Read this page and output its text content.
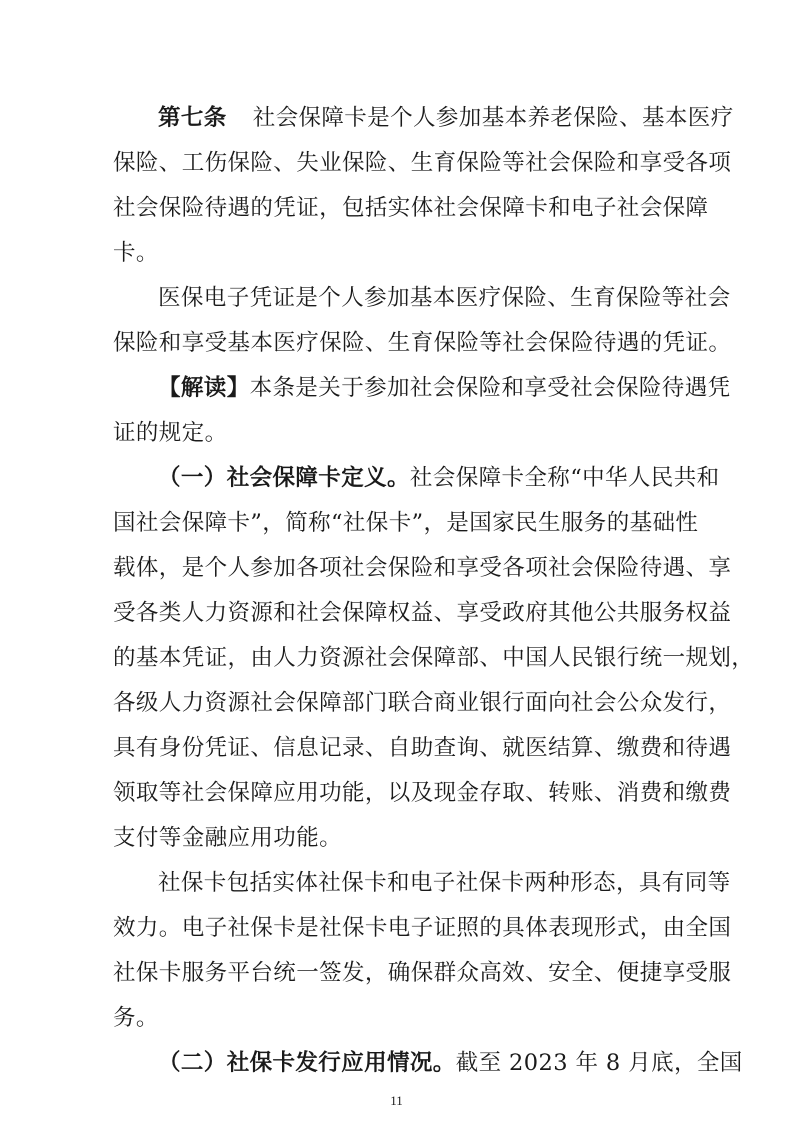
第七条 社会保障卡是个人参加基本养老保险、基本医疗
保险、工伤保险、失业保险、生育保险等社会保险和享受各项
社会保险待遇的凭证，包括实体社会保障卡和电子社会保障
卡。
医保电子凭证是个人参加基本医疗保险、生育保险等社会
保险和享受基本医疗保险、生育保险等社会保险待遇的凭证。
【解读】本条是关于参加社会保险和享受社会保险待遇凭
证的规定。
（一）社会保障卡定义。社会保障卡全称“中华人民共和
国社会保障卡”，简称“社保卡”，是国家民生服务的基础性
载体，是个人参加各项社会保险和享受各项社会保险待遇、享
受各类人力资源和社会保障权益、享受政府其他公共服务权益
的基本凭证，由人力资源社会保障部、中国人民银行统一规划，
各级人力资源社会保障部门联合商业银行面向社会公众发行，
具有身份凭证、信息记录、自助查询、就医结算、缴费和待遇
领取等社会保障应用功能，以及现金存取、转账、消费和缴费
支付等金融应用功能。
社保卡包括实体社保卡和电子社保卡两种形态，具有同等
效力。电子社保卡是社保卡电子证照的具体表现形式，由全国
社保卡服务平台统一签发，确保群众高效、安全、便捷享受服
务。
（二）社保卡发行应用情况。截至 2023 年 8 月底，全国
11
